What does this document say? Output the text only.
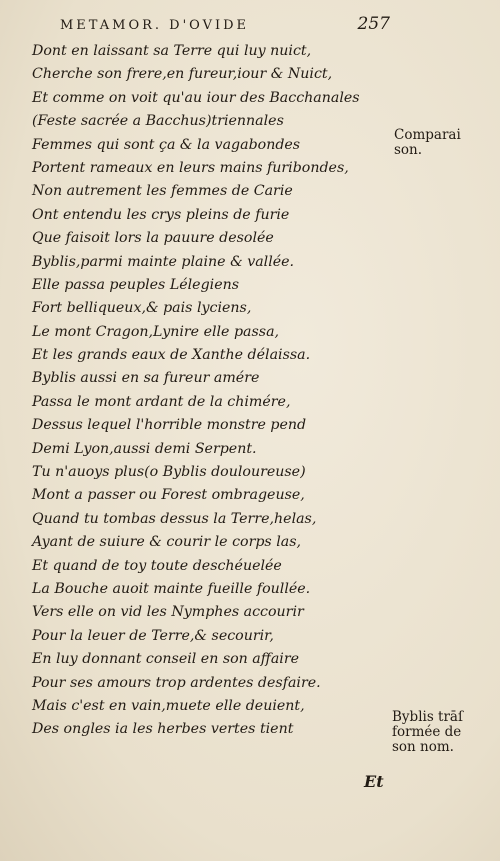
METAMOR. D'OVIDE	257
Dont en laissant sa Terre qui luy nuict,
Cherche son frere,en fureur,iour & Nuict,
Et comme on voit qu'au iour des Bacchanales
(Feste sacrée a Bacchus)triennales
Femmes qui sont ça & la vagabondes
Portent rameaux en leurs mains furibondes,
Non autrement les femmes de Carie
Ont entendu les crys pleins de furie
Que faisoit lors la pauure desolée
Byblis,parmi mainte plaine & vallée.
Elle passa peuples Lélegiens
Fort belliqueux,& pais lyciens,
Le mont Cragon,Lynire elle passa,
Et les grands eaux de Xanthe délaissa.
Byblis aussi en sa fureur amére
Passa le mont ardant de la chimére,
Dessus lequel l'horrible monstre pend
Demi Lyon,aussi demi Serpent.
Tu n'auoys plus(o Byblis douloureuse)
Mont a passer ou Forest ombrageuse,
Quand tu tombas dessus la Terre,helas,
Ayant de suiure & courir le corps las,
Et quand de toy toute deschéuelée
La Bouche auoit mainte fueille foullée.
Vers elle on vid les Nymphes accourir
Pour la leuer de Terre,& secourir,
En luy donnant conseil en son affaire
Pour ses amours trop ardentes desfaire.
Mais c'est en vain,muete elle deuient,
Des ongles ia les herbes vertes tient
Comparai
son.
Byblis trāſ
formée de
son nom.
Et
